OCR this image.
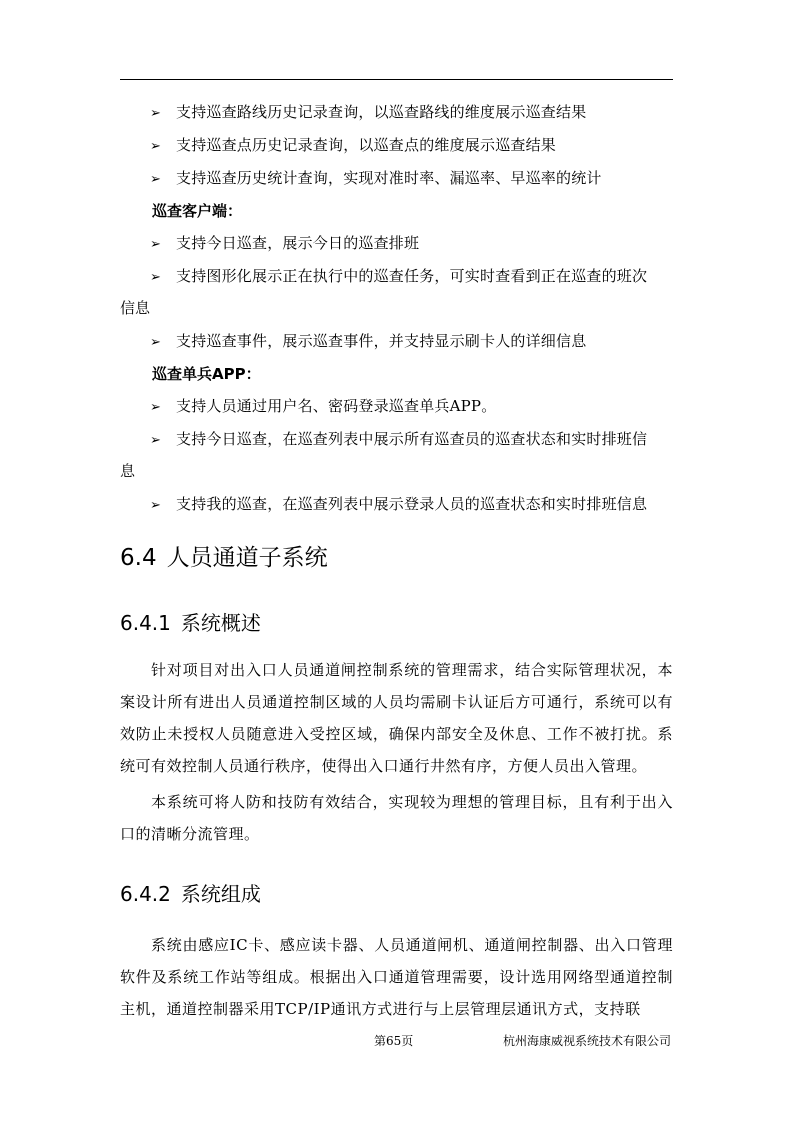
➢ 支持巡查路线历史记录查询，以巡查路线的维度展示巡查结果
➢ 支持巡查点历史记录查询，以巡查点的维度展示巡查结果
➢ 支持巡查历史统计查询，实现对准时率、漏巡率、早巡率的统计
巡查客户端：
➢ 支持今日巡查，展示今日的巡查排班
➢ 支持图形化展示正在执行中的巡查任务，可实时查看到正在巡查的班次
信息
➢ 支持巡查事件，展示巡查事件，并支持显示刷卡人的详细信息
巡查单兵APP：
➢ 支持人员通过用户名、密码登录巡查单兵APP。
➢ 支持今日巡查，在巡查列表中展示所有巡查员的巡查状态和实时排班信
息
➢ 支持我的巡查，在巡查列表中展示登录人员的巡查状态和实时排班信息
6.4 人员通道子系统
6.4.1 系统概述
针对项目对出入口人员通道闸控制系统的管理需求，结合实际管理状况，本案设计所有进出人员通道控制区域的人员均需刷卡认证后方可通行，系统可以有效防止未授权人员随意进入受控区域，确保内部安全及休息、工作不被打扰。系统可有效控制人员通行秩序，使得出入口通行井然有序，方便人员出入管理。
本系统可将人防和技防有效结合，实现较为理想的管理目标，且有利于出入口的清晰分流管理。
6.4.2 系统组成
系统由感应IC卡、感应读卡器、人员通道闸机、通道闸控制器、出入口管理软件及系统工作站等组成。根据出入口通道管理需要，设计选用网络型通道控制主机，通道控制器采用TCP/IP通讯方式进行与上层管理层通讯方式，支持联
第65页	杭州海康威视系统技术有限公司
